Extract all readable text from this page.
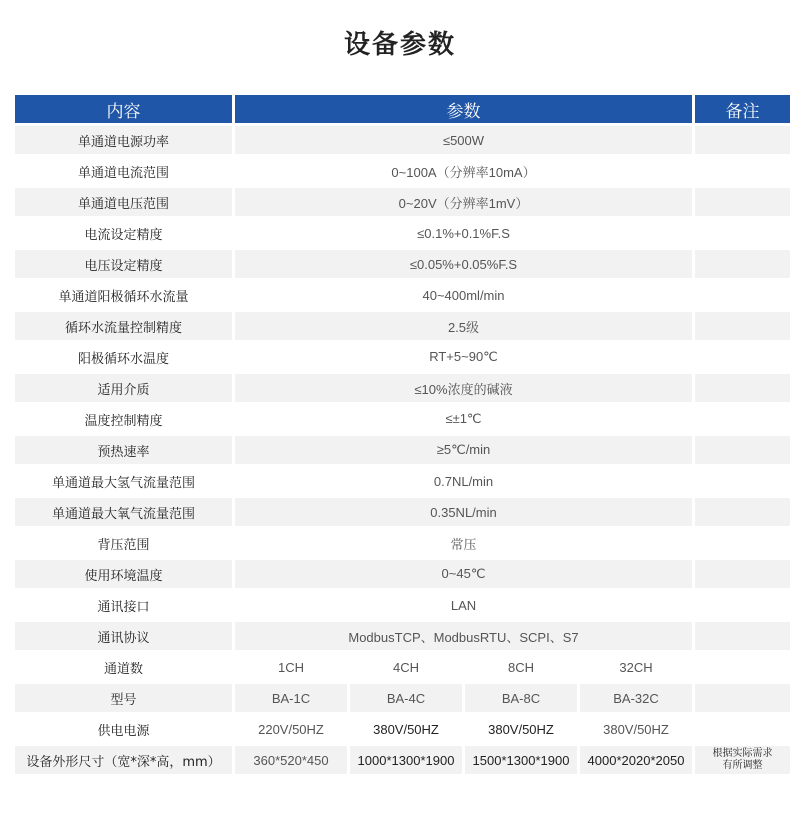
设备参数
内容	参数				备注
单通道电源功率	≤500W				
单通道电流范围	0~100A（分辨率10mA）				
单通道电压范围	0~20V（分辨率1mV）				
电流设定精度	≤0.1%+0.1%F.S				
电压设定精度	≤0.05%+0.05%F.S				
单通道阳极循环水流量	40~400ml/min				
循环水流量控制精度	2.5级				
阳极循环水温度	RT+5~90℃				
适用介质	≤10%浓度的碱液				
温度控制精度	≤±1℃				
预热速率	≥5℃/min				
单通道最大氢气流量范围	0.7NL/min				
单通道最大氧气流量范围	0.35NL/min				
背压范围	常压				
使用环境温度	0~45℃				
通讯接口	LAN				
通讯协议	ModbusTCP、ModbusRTU、SCPI、S7				
通道数	1CH	4CH	8CH	32CH	
型号	BA-1C	BA-4C	BA-8C	BA-32C	
供电电源	220V/50HZ	380V/50HZ	380V/50HZ	380V/50HZ	
设备外形尺寸（宽*深*高，mm）	360*520*450	1000*1300*1900	1500*1300*1900	4000*2020*2050	根据实际需求
有所调整
